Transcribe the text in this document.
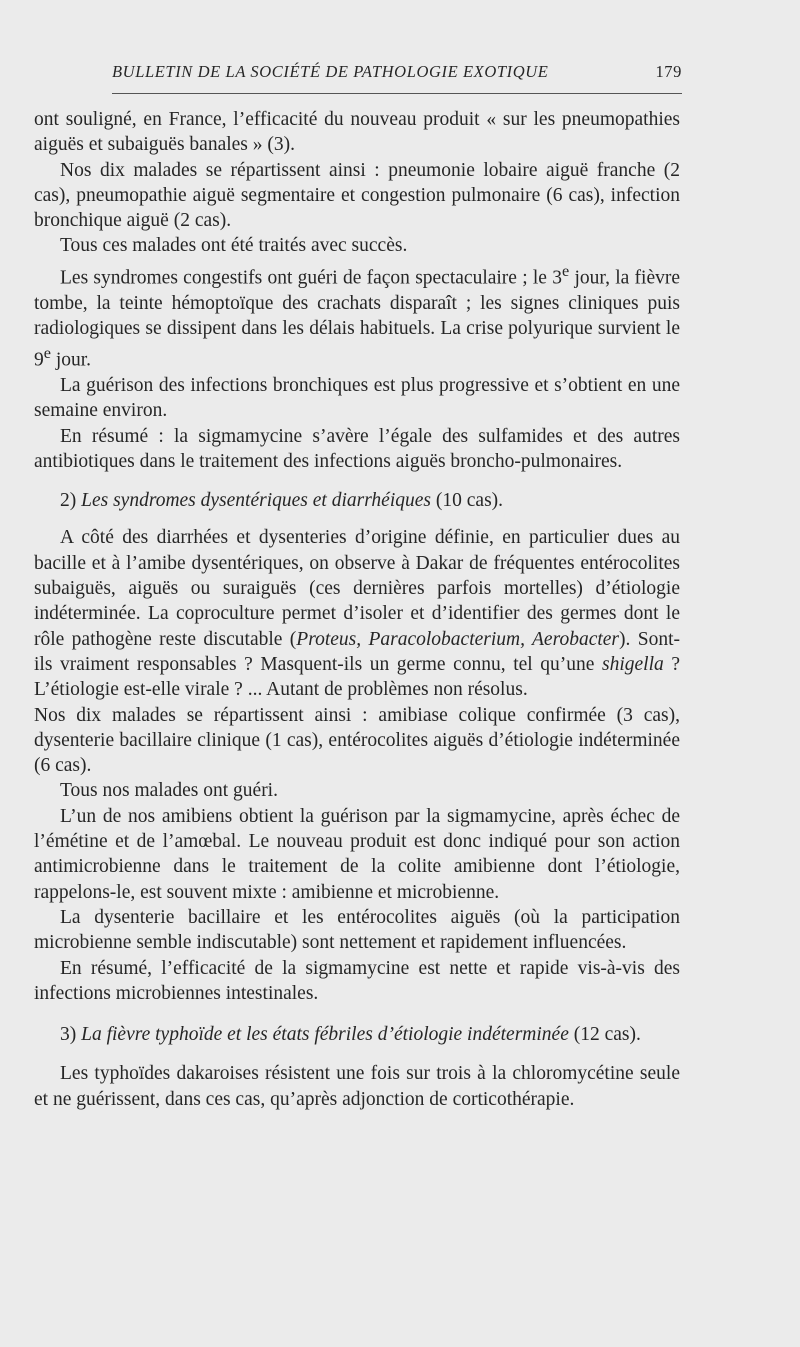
BULLETIN DE LA SOCIÉTÉ DE PATHOLOGIE EXOTIQUE	179

ont souligné, en France, l’efficacité du nouveau produit « sur les pneumopathies aiguës et subaiguës banales » (3).

Nos dix malades se répartissent ainsi : pneumonie lobaire aiguë franche (2 cas), pneumopathie aiguë segmentaire et congestion pulmonaire (6 cas), infection bronchique aiguë (2 cas).

Tous ces malades ont été traités avec succès.

Les syndromes congestifs ont guéri de façon spectaculaire ; le 3e jour, la fièvre tombe, la teinte hémoptoïque des crachats disparaît ; les signes cliniques puis radiologiques se dissipent dans les délais habituels. La crise polyurique survient le 9e jour.

La guérison des infections bronchiques est plus progressive et s’obtient en une semaine environ.

En résumé : la sigmamycine s’avère l’égale des sulfamides et des autres antibiotiques dans le traitement des infections aiguës broncho-pulmonaires.

2) Les syndromes dysentériques et diarrhéiques (10 cas).

A côté des diarrhées et dysenteries d’origine définie, en particulier dues au bacille et à l’amibe dysentériques, on observe à Dakar de fréquentes entérocolites subaiguës, aiguës ou suraiguës (ces dernières parfois mortelles) d’étiologie indéterminée. La coproculture permet d’isoler et d’identifier des germes dont le rôle pathogène reste discutable (Proteus, Paracolobacterium, Aerobacter). Sont-ils vraiment responsables ? Masquent-ils un germe connu, tel qu’une shigella ? L’étiologie est-elle virale ? ... Autant de problèmes non résolus.

Nos dix malades se répartissent ainsi : amibiase colique confirmée (3 cas), dysenterie bacillaire clinique (1 cas), entérocolites aiguës d’étiologie indéterminée (6 cas).

Tous nos malades ont guéri.

L’un de nos amibiens obtient la guérison par la sigmamycine, après échec de l’émétine et de l’amœbal. Le nouveau produit est donc indiqué pour son action antimicrobienne dans le traitement de la colite amibienne dont l’étiologie, rappelons-le, est souvent mixte : amibienne et microbienne.

La dysenterie bacillaire et les entérocolites aiguës (où la participation microbienne semble indiscutable) sont nettement et rapidement influencées.

En résumé, l’efficacité de la sigmamycine est nette et rapide vis-à-vis des infections microbiennes intestinales.

3) La fièvre typhoïde et les états fébriles d’étiologie indéterminée (12 cas).

Les typhoïdes dakaroises résistent une fois sur trois à la chloromycétine seule et ne guérissent, dans ces cas, qu’après adjonction de corticothérapie.
